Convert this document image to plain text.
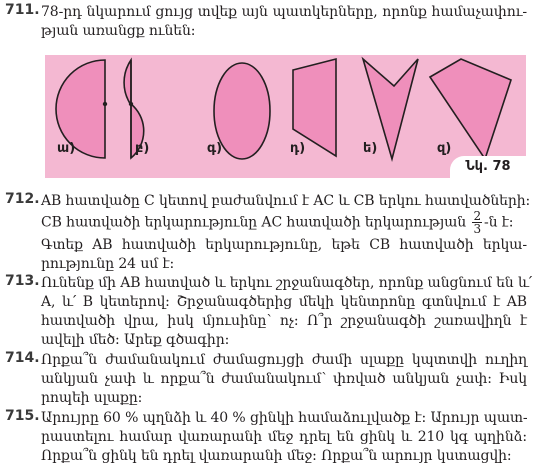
711. 78-րդ նկարում ցույց տվեք այն պատկերները, որոնք համաչափու-
թյան առանցք ունեն:
ա)	բ)	գ)	դ)	ե)	զ)
Նկ. 78
712. AB հատվածը C կետով բաժանվում է AC և CB երկու հատվածների:
CB հատվածի երկարությունը AC հատվածի երկարության $\frac{2}{3}$ -ն է:
Գտեք AB հատվածի երկարությունը, եթե CB հատվածի երկա-
րությունը 24 սմ է:
713. Ունենք մի AB հատված և երկու շրջանագծեր, որոնք անցնում են և՛
A, և՛ B կետերով: Շրջանագծերից մեկի կենտրոնը գտնվում է AB
հատվածի վրա, իսկ մյուսինը՝ ոչ: Ո՞ր շրջանագծի շառավիղն է
ավելի մեծ: Արեք գծագիր:
714. Որքա՞ն ժամանակում ժամացույցի ժամի սլաքը կպտտվի ուղիղ
անկյան չափ և որքա՞ն ժամանակում՝ փռված անկյան չափ: Իսկ
րոպեի սլաքը:
715. Արույրը 60 % պղնձի և 40 % ցինկի համաձուլվածք է: Արույր պատ-
րաստելու համար վառարանի մեջ դրել են ցինկ և 210 կգ պղինձ:
Որքա՞ն ցինկ են դրել վառարանի մեջ: Որքա՞ն արույր կստացվի:
